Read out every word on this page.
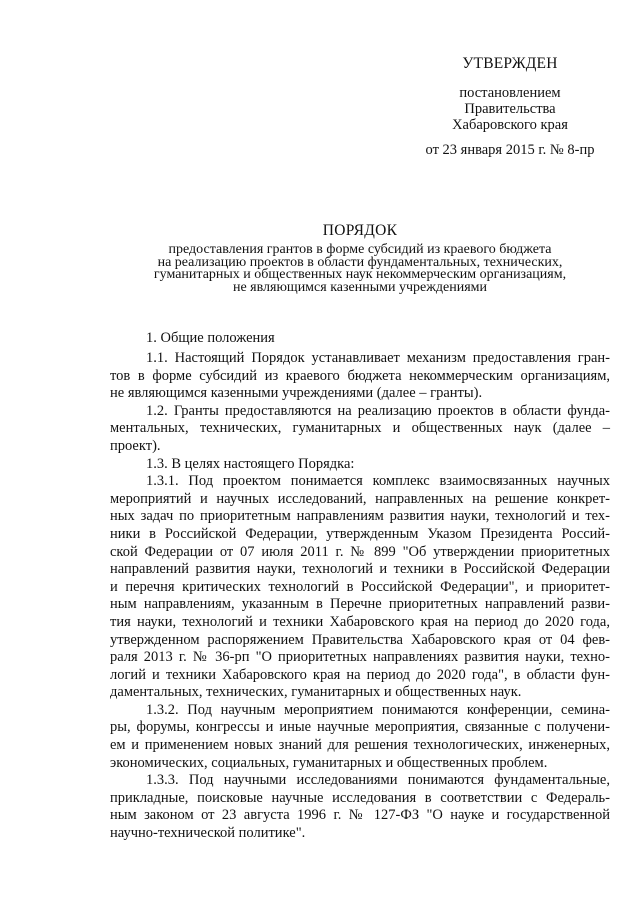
УТВЕРЖДЕН
постановлением
Правительства
Хабаровского края
от 23 января 2015 г. № 8-пр
ПОРЯДОК
предоставления грантов в форме субсидий из краевого бюджета
на реализацию проектов в области фундаментальных, технических,
гуманитарных и общественных наук некоммерческим организациям,
не являющимся казенными учреждениями
1. Общие положения

1.1. Настоящий Порядок устанавливает механизм предоставления гран-
тов в форме субсидий из краевого бюджета некоммерческим организациям,
не являющимся казенными учреждениями (далее – гранты).

1.2. Гранты предоставляются на реализацию проектов в области фунда-
ментальных, технических, гуманитарных и общественных наук (далее –
проект).

1.3. В целях настоящего Порядка:

1.3.1. Под проектом понимается комплекс взаимосвязанных научных
мероприятий и научных исследований, направленных на решение конкрет-
ных задач по приоритетным направлениям развития науки, технологий и тех-
ники в Российской Федерации, утвержденным Указом Президента Россий-
ской Федерации от 07 июля 2011 г. № 899 "Об утверждении приоритетных
направлений развития науки, технологий и техники в Российской Федерации
и перечня критических технологий в Российской Федерации", и приоритет-
ным направлениям, указанным в Перечне приоритетных направлений разви-
тия науки, технологий и техники Хабаровского края на период до 2020 года,
утвержденном распоряжением Правительства Хабаровского края от 04 фев-
раля 2013 г. № 36-рп "О приоритетных направлениях развития науки, техно-
логий и техники Хабаровского края на период до 2020 года", в области фун-
даментальных, технических, гуманитарных и общественных наук.

1.3.2. Под научным мероприятием понимаются конференции, семина-
ры, форумы, конгрессы и иные научные мероприятия, связанные с получени-
ем и применением новых знаний для решения технологических, инженерных,
экономических, социальных, гуманитарных и общественных проблем.

1.3.3. Под научными исследованиями понимаются фундаментальные,
прикладные, поисковые научные исследования в соответствии с Федераль-
ным законом от 23 августа 1996 г. № 127-ФЗ "О науке и государственной
научно-технической политике".
